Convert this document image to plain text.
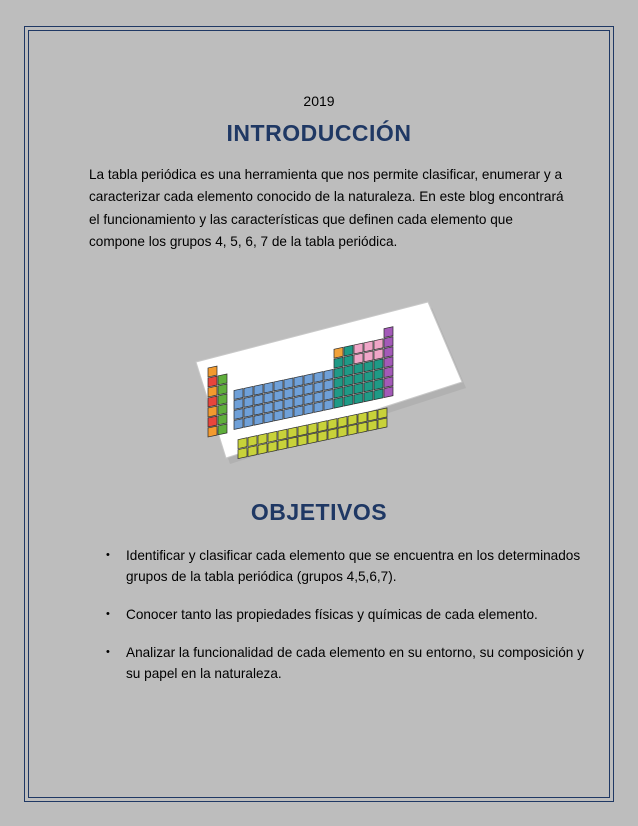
2019
INTRODUCCIÓN

La tabla periódica es una herramienta que nos permite clasificar, enumerar y a caracterizar cada elemento conocido de la naturaleza. En este blog encontrará el funcionamiento y las características que definen cada elemento que compone los grupos 4, 5, 6, 7 de la tabla periódica.

OBJETIVOS
• Identificar y clasificar cada elemento que se encuentra en los determinados grupos de la tabla periódica (grupos 4,5,6,7).
• Conocer tanto las propiedades físicas y químicas de cada elemento.
• Analizar la funcionalidad de cada elemento en su entorno, su composición y su papel en la naturaleza.
